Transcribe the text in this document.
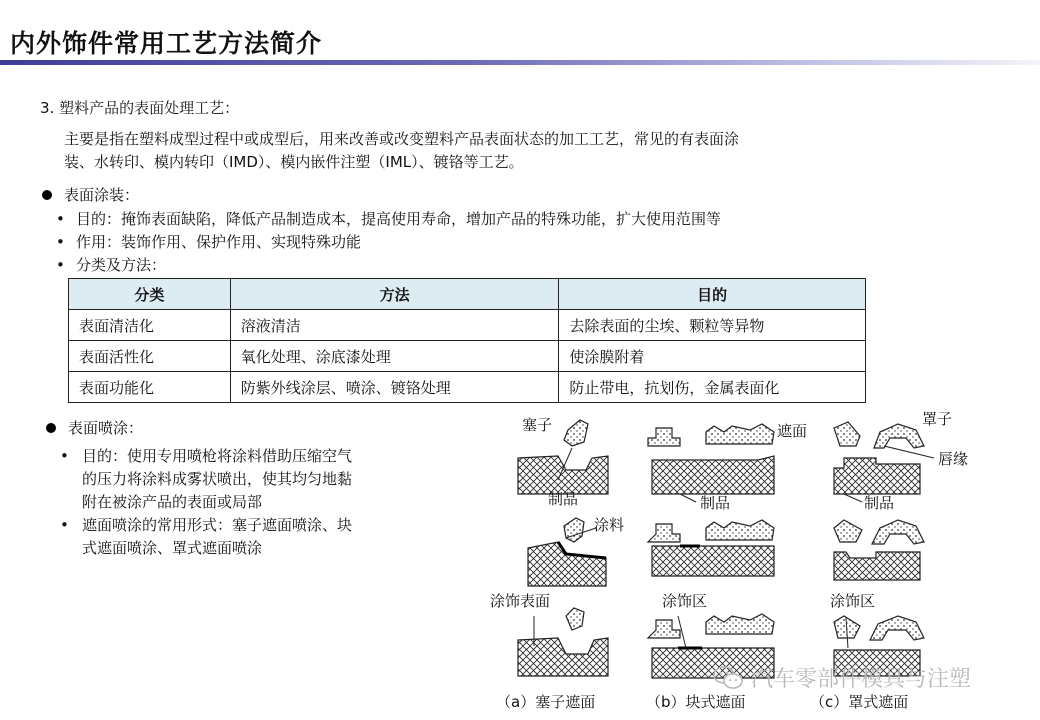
内外饰件常用工艺方法简介
3. 塑料产品的表面处理工艺：
主要是指在塑料成型过程中或成型后，用来改善或改变塑料产品表面状态的加工工艺，常见的有表面涂
装、水转印、模内转印（IMD）、模内嵌件注塑（IML）、镀铬等工艺。
表面涂装：
• 目的：掩饰表面缺陷，降低产品制造成本，提高使用寿命，增加产品的特殊功能，扩大使用范围等
• 作用：装饰作用、保护作用、实现特殊功能
• 分类及方法：
分类	方法	目的
表面清洁化	溶液清洁	去除表面的尘埃、颗粒等异物
表面活性化	氧化处理、涂底漆处理	使涂膜附着
表面功能化	防紫外线涂层、喷涂、镀铬处理	防止带电，抗划伤，金属表面化
表面喷涂：
• 目的：使用专用喷枪将涂料借助压缩空气
的压力将涂料成雾状喷出，使其均匀地黏
附在被涂产品的表面或局部
• 遮面喷涂的常用形式：塞子遮面喷涂、块
式遮面喷涂、罩式遮面喷涂
塞子	遮面
罩子
唇缘
制品	制品	制品
涂料
涂饰表面	涂饰区	涂饰区
（a）塞子遮面	（b）块式遮面	（c）罩式遮面
汽车零部件模具与注塑
